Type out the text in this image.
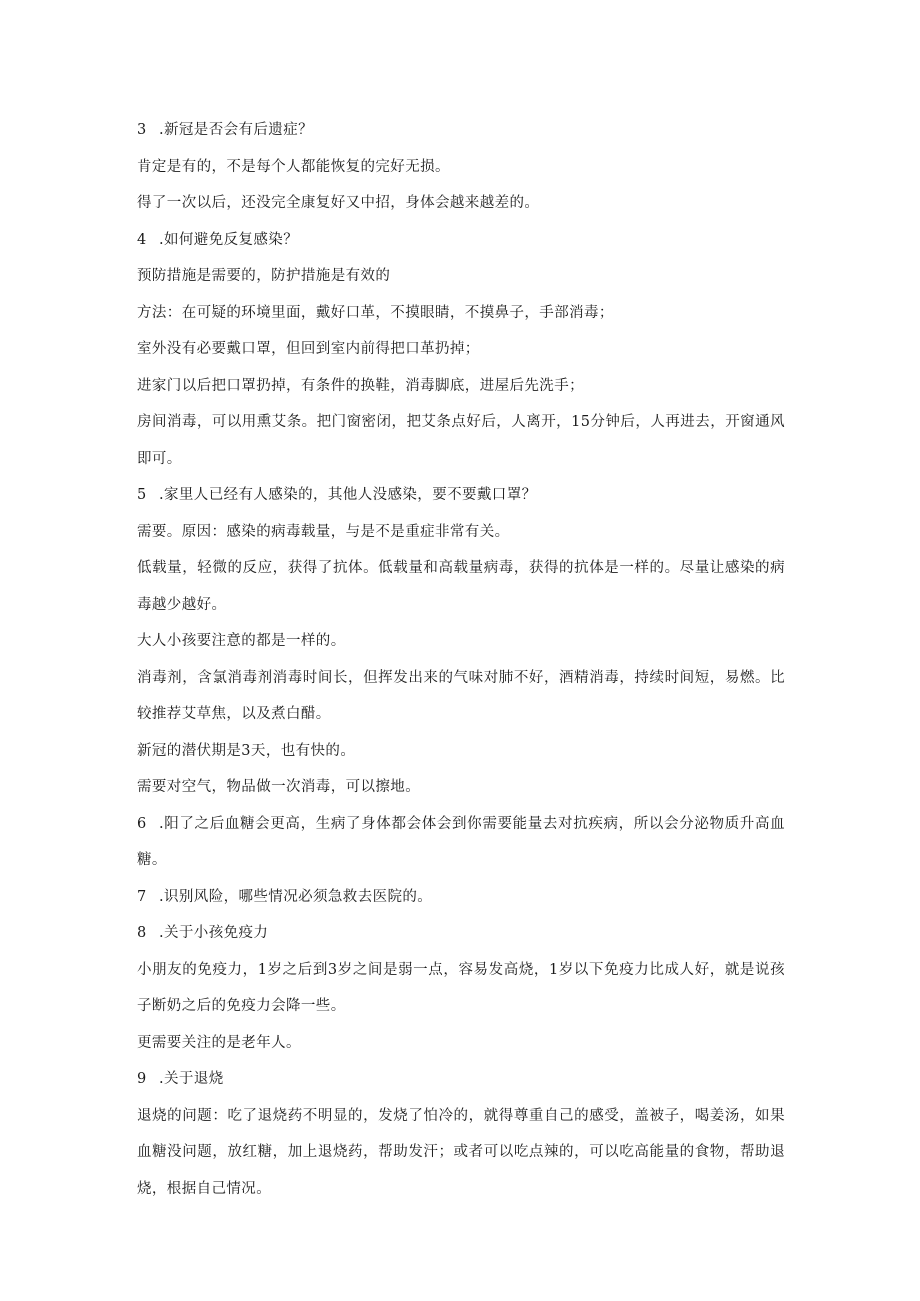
3 .新冠是否会有后遗症？

肯定是有的，不是每个人都能恢复的完好无损。

得了一次以后，还没完全康复好又中招，身体会越来越差的。

4 .如何避免反复感染？

预防措施是需要的，防护措施是有效的

方法：在可疑的环境里面，戴好口革，不摸眼睛，不摸鼻子，手部消毒；

室外没有必要戴口罩，但回到室内前得把口革扔掉；

进家门以后把口罩扔掉，有条件的换鞋，消毒脚底，进屋后先洗手；

房间消毒，可以用熏艾条。把门窗密闭，把艾条点好后，人离开，15分钟后，人再进去，开窗通风即可。

5 .家里人已经有人感染的，其他人没感染，要不要戴口罩？

需要。原因：感染的病毒载量，与是不是重症非常有关。

低载量，轻微的反应，获得了抗体。低载量和高载量病毒，获得的抗体是一样的。尽量让感染的病毒越少越好。

大人小孩要注意的都是一样的。

消毒剂，含氯消毒剂消毒时间长，但挥发出来的气味对肺不好，酒精消毒，持续时间短，易燃。比较推荐艾草焦，以及煮白醋。

新冠的潜伏期是3天，也有快的。

需要对空气，物品做一次消毒，可以擦地。

6 .阳了之后血糖会更高，生病了身体都会体会到你需要能量去对抗疾病，所以会分泌物质升高血糖。

7 .识别风险，哪些情况必须急救去医院的。

8 .关于小孩免疫力

小朋友的免疫力，1岁之后到3岁之间是弱一点，容易发高烧，1岁以下免疫力比成人好，就是说孩子断奶之后的免疫力会降一些。

更需要关注的是老年人。

9 .关于退烧

退烧的问题：吃了退烧药不明显的，发烧了怕冷的，就得尊重自己的感受，盖被子，喝姜汤，如果血糖没问题，放红糖，加上退烧药，帮助发汗；或者可以吃点辣的，可以吃高能量的食物，帮助退烧，根据自己情况。
